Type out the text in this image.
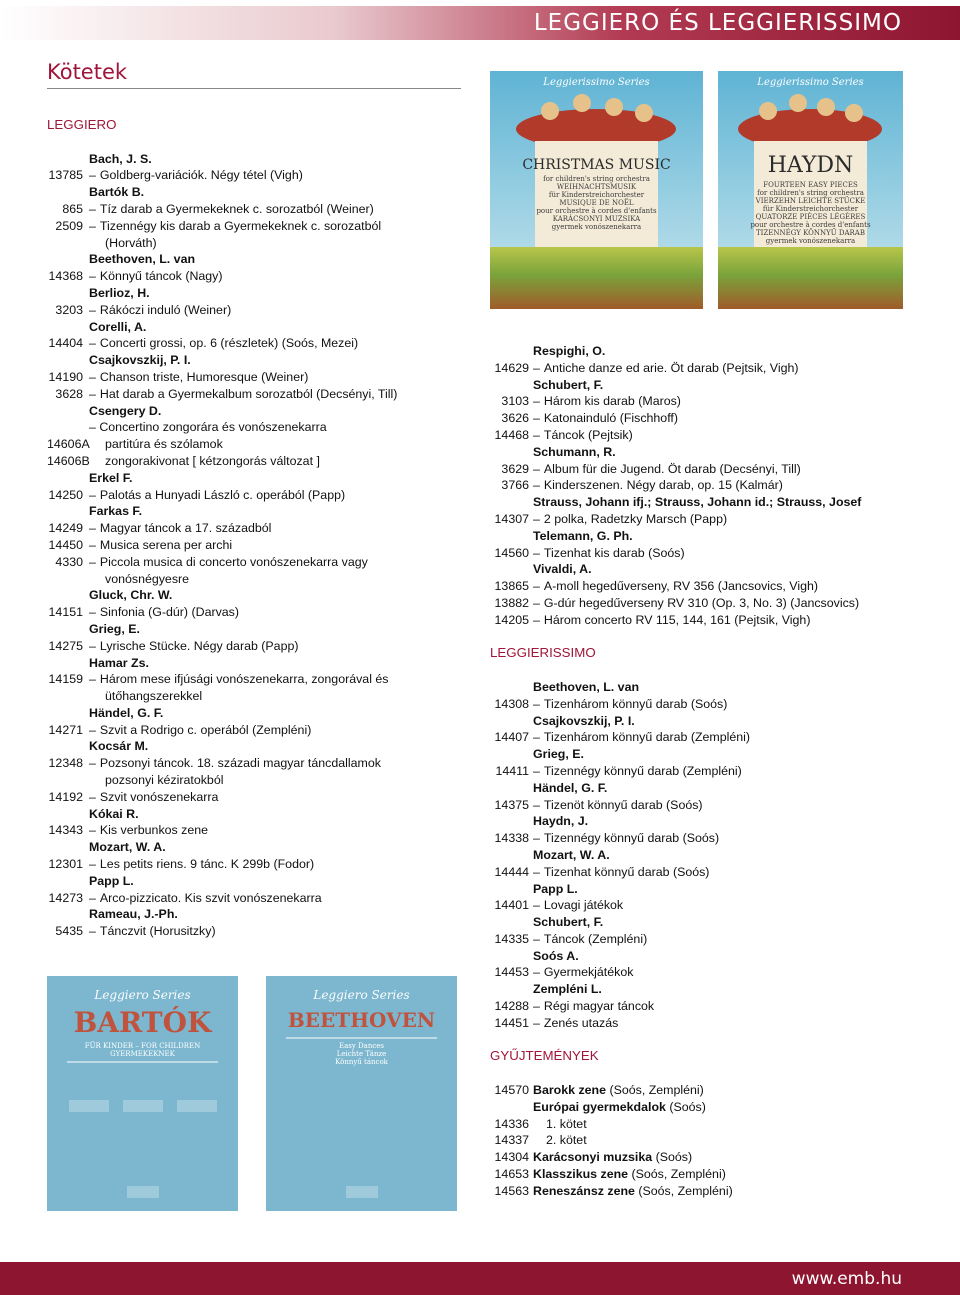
LEGGIERO ÉS LEGGIERISSIMO
Kötetek
LEGGIERO
Bach, J. S.
13785 – Goldberg-variációk. Négy tétel (Vigh)
Bartók B.
865 – Tíz darab a Gyermekeknek c. sorozatból (Weiner)
2509 – Tizennégy kis darab a Gyermekeknek c. sorozatból
(Horváth)
Beethoven, L. van
14368 – Könnyű táncok (Nagy)
Berlioz, H.
3203 – Rákóczi induló (Weiner)
Corelli, A.
14404 – Concerti grossi, op. 6 (részletek) (Soós, Mezei)
Csajkovszkij, P. I.
14190 – Chanson triste, Humoresque (Weiner)
3628 – Hat darab a Gyermekalbum sorozatból (Decsényi, Till)
Csengery D.
– Concertino zongorára és vonószenekarra
14606A partitúra és szólamok
14606B zongorakivonat [ kétzongorás változat ]
Erkel F.
14250 – Palotás a Hunyadi László c. operából (Papp)
Farkas F.
14249 – Magyar táncok a 17. századból
14450 – Musica serena per archi
4330 – Piccola musica di concerto vonószenekarra vagy
vonósnégyesre
Gluck, Chr. W.
14151 – Sinfonia (G-dúr) (Darvas)
Grieg, E.
14275 – Lyrische Stücke. Négy darab (Papp)
Hamar Zs.
14159 – Három mese ifjúsági vonószenekarra, zongorával és
ütőhangszerekkel
Händel, G. F.
14271 – Szvit a Rodrigo c. operából (Zempléni)
Kocsár M.
12348 – Pozsonyi táncok. 18. századi magyar táncdallamok
pozsonyi kéziratokból
14192 – Szvit vonószenekarra
Kókai R.
14343 – Kis verbunkos zene
Mozart, W. A.
12301 – Les petits riens. 9 tánc. K 299b (Fodor)
Papp L.
14273 – Arco-pizzicato. Kis szvit vonószenekarra
Rameau, J.-Ph.
5435 – Tánczvit (Horusitzky)
Respighi, O.
14629 – Antiche danze ed arie. Öt darab (Pejtsik, Vigh)
Schubert, F.
3103 – Három kis darab (Maros)
3626 – Katonainduló (Fischhoff)
14468 – Táncok (Pejtsik)
Schumann, R.
3629 – Album für die Jugend. Öt darab (Decsényi, Till)
3766 – Kinderszenen. Négy darab, op. 15 (Kalmár)
Strauss, Johann ifj.; Strauss, Johann id.; Strauss, Josef
14307 – 2 polka, Radetzky Marsch (Papp)
Telemann, G. Ph.
14560 – Tizenhat kis darab (Soós)
Vivaldi, A.
13865 – A-moll hegedűverseny, RV 356 (Jancsovics, Vigh)
13882 – G-dúr hegedűverseny RV 310 (Op. 3, No. 3) (Jancsovics)
14205 – Három concerto RV 115, 144, 161 (Pejtsik, Vigh)
LEGGIERISSIMO
Beethoven, L. van
14308 – Tizenhárom könnyű darab (Soós)
Csajkovszkij, P. I.
14407 – Tizenhárom könnyű darab (Zempléni)
Grieg, E.
14411 – Tizennégy könnyű darab (Zempléni)
Händel, G. F.
14375 – Tizenöt könnyű darab (Soós)
Haydn, J.
14338 – Tizennégy könnyű darab (Soós)
Mozart, W. A.
14444 – Tizenhat könnyű darab (Soós)
Papp L.
14401 – Lovagi játékok
Schubert, F.
14335 – Táncok (Zempléni)
Soós A.
14453 – Gyermekjátékok
Zempléni L.
14288 – Régi magyar táncok
14451 – Zenés utazás
GYŰJTEMÉNYEK
14570 Barokk zene (Soós, Zempléni)
Európai gyermekdalok (Soós)
14336 1. kötet
14337 2. kötet
14304 Karácsonyi muzsika (Soós)
14653 Klasszikus zene (Soós, Zempléni)
14563 Reneszánsz zene (Soós, Zempléni)
Leggierissimo Series
CHRISTMAS MUSIC
for children's string orchestra
WEIHNACHTSMUSIK
für Kinderstreichorchester
MUSIQUE DE NOËL
pour orchestre à cordes d'enfants
KARÁCSONYI MUZSIKA
gyermek vonószenekarra
Leggierissimo Series
HAYDN
FOURTEEN EASY PIECES
for children's string orchestra
VIERZEHN LEICHTE STÜCKE
für Kinderstreichorchester
QUATORZE PIÈCES LÉGÈRES
pour orchestre à cordes d'enfants
TIZENNÉGY KÖNNYŰ DARAB
gyermek vonószenekarra
Leggiero Series
BARTÓK
FÜR KINDER – FOR CHILDREN
GYERMEKEKNEK
Leggiero Series
BEETHOVEN
Easy Dances
Leichte Tänze
Könnyű táncok
www.emb.hu
